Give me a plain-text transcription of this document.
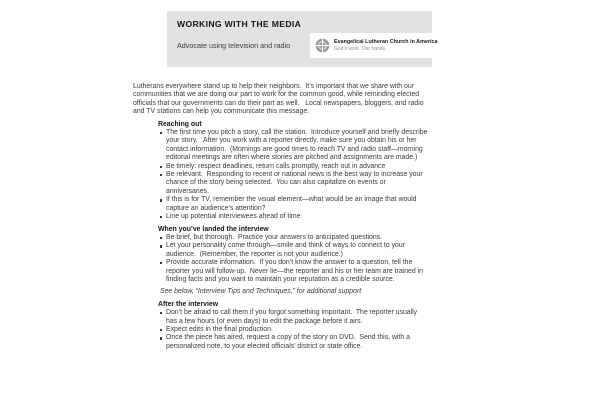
WORKING WITH THE MEDIA
Advocate using television and radio	Evangelical Lutheran Church in America
God’s work. Our hands.

Lutherans everywhere stand up to help their neighbors.  It’s important that we share with our communities that we are doing our part to work for the common good, while reminding elected officials that our governments can do their part as well.   Local newspapers, bloggers, and radio and TV stations can help you communicate this message.

Reaching out
The first time you pitch a story, call the station.  Introduce yourself and briefly describe your story.   After you work with a reporter directly, make sure you obtain his or her contact information.  (Mornings are good times to reach TV and radio staff—morning editorial meetings are often where stories are pitched and assignments are made.)
Be timely: respect deadlines, return calls promptly, reach out in advance
Be relevant.  Responding to recent or national news is the best way to increase your chance of the story being selected.  You can also capitalize on events or anniversaries.
If this is for TV, remember the visual element—what would be an image that would capture an audience’s attention?
Line up potential interviewees ahead of time
When you’ve landed the interview
Be brief, but thorough.  Practice your answers to anticipated questions.
Let your personality come through—smile and think of ways to connect to your audience.  (Remember, the reporter is not your audience.)
Provide accurate information.  If you don’t know the answer to a question, tell the reporter you will follow-up.  Never lie—the reporter and his or her team are trained in finding facts and you want to maintain your reputation as a credible source.

See below, “Interview Tips and Techniques,” for additional support

After the interview
Don’t be afraid to call them if you forgot something important.  The reporter usually has a few hours (or even days) to edit the package before it airs.
Expect edits in the final production.
Once the piece has aired, request a copy of the story on DVD.  Send this, with a personalized note, to your elected officials’ district or state office.
